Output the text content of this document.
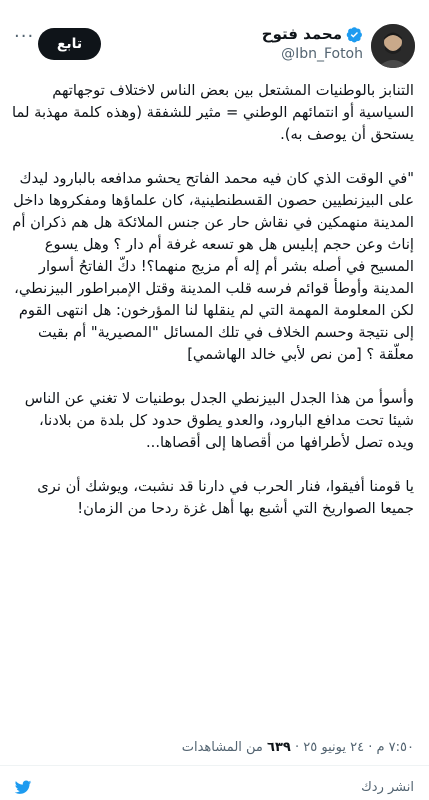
···	تابع
محمد فتوح
@Ibn_Fotoh

التنابز بالوطنيات المشتعل بين بعض الناس لاختلاف توجهاتهم السياسية أو انتمائهم الوطني = مثير للشفقة (وهذه كلمة مهذبة لما يستحق أن يوصف به).

"في الوقت الذي كان فيه محمد الفاتح يحشو مدافعه بالبارود ليدك على البيزنطيين حصون القسطنطينية، كان علماؤها ومفكروها داخل المدينة منهمكين في نقاش حار عن جنس الملائكة هل هم ذكران أم إناث وعن حجم إبليس هل هو تسعه غرفة أم دار ؟ وهل يسوع المسيح في أصله بشر أم إله أم مزيج منهما؟! دكّ الفاتحُ أسوار المدينة وأوطأ قوائم فرسه قلب المدينة وقتل الإمبراطور البيزنطي، لكن المعلومة المهمة التي لم ينقلها لنا المؤرخون: هل انتهى القوم إلى نتيجة وحسم الخلاف في تلك المسائل "المصيرية" أم بقيت معلّقة ؟ [من نص لأبي خالد الهاشمي]

وأسوأ من هذا الجدل البيزنطي الجدل بوطنيات لا تغني عن الناس شيئا تحت مدافع البارود، والعدو يطوق حدود كل بلدة من بلادنا، ويده تصل لأطرافها من أقصاها إلى أقصاها...

يا قومنا أفيقوا، فنار الحرب في دارنا قد نشبت، ويوشك أن نرى جميعا الصواريخ التي أشبع بها أهل غزة ردحا من الزمان!

٧:٥٠ م · ٢٤ يونيو ٢٥ · ٦٣٩ من المشاهدات
انشر ردك
